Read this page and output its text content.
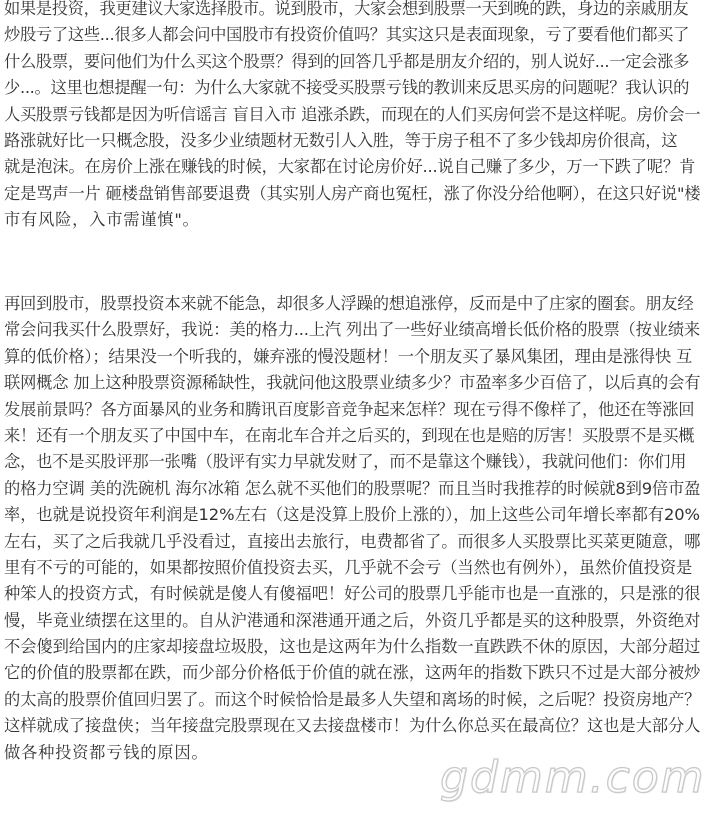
如果是投资，我更建议大家选择股市。说到股市，大家会想到股票一天到晚的跌，身边的亲戚朋友
炒股亏了这些...很多人都会问中国股市有投资价值吗？其实这只是表面现象，亏了要看他们都买了
什么股票，要问他们为什么买这个股票？得到的回答几乎都是朋友介绍的，别人说好...一定会涨多
少...。这里也想提醒一句：为什么大家就不接受买股票亏钱的教训来反思买房的问题呢？我认识的
人买股票亏钱都是因为听信谣言 盲目入市 追涨杀跌，而现在的人们买房何尝不是这样呢。房价会一
路涨就好比一只概念股，没多少业绩题材无数引人入胜，等于房子租不了多少钱却房价很高，这
就是泡沫。在房价上涨在赚钱的时候，大家都在讨论房价好...说自己赚了多少，万一下跌了呢？肯
定是骂声一片 砸楼盘销售部要退费（其实别人房产商也冤枉，涨了你没分给他啊），在这只好说"楼
市有风险，入市需谨慎"。
再回到股市，股票投资本来就不能急，却很多人浮躁的想追涨停，反而是中了庄家的圈套。朋友经
常会问我买什么股票好，我说：美的格力...上汽 列出了一些好业绩高增长低价格的股票（按业绩来
算的低价格）；结果没一个听我的，嫌弃涨的慢没题材！一个朋友买了暴风集团，理由是涨得快 互
联网概念 加上这种股票资源稀缺性，我就问他这股票业绩多少？市盈率多少百倍了，以后真的会有
发展前景吗？各方面暴风的业务和腾讯百度影音竞争起来怎样？现在亏得不像样了，他还在等涨回
来！还有一个朋友买了中国中车，在南北车合并之后买的，到现在也是赔的厉害！买股票不是买概
念，也不是买股评那一张嘴（股评有实力早就发财了，而不是靠这个赚钱），我就问他们：你们用
的格力空调 美的洗碗机 海尔冰箱 怎么就不买他们的股票呢？而且当时我推荐的时候就8到9倍市盈
率，也就是说投资年利润是12%左右（这是没算上股价上涨的），加上这些公司年增长率都有20%
左右，买了之后我就几乎没看过，直接出去旅行，电费都省了。而很多人买股票比买菜更随意，哪
里有不亏的可能的，如果都按照价值投资去买，几乎就不会亏（当然也有例外），虽然价值投资是
种笨人的投资方式，有时候就是傻人有傻福吧！好公司的股票几乎能市也是一直涨的，只是涨的很
慢，毕竟业绩摆在这里的。自从沪港通和深港通开通之后，外资几乎都是买的这种股票，外资绝对
不会傻到给国内的庄家却接盘垃圾股，这也是这两年为什么指数一直跌跌不休的原因，大部分超过
它的价值的股票都在跌，而少部分价格低于价值的就在涨，这两年的指数下跌只不过是大部分被炒
的太高的股票价值回归罢了。而这个时候恰恰是最多人失望和离场的时候，之后呢？投资房地产？
这样就成了接盘侠；当年接盘完股票现在又去接盘楼市！为什么你总买在最高位？这也是大部分人
做各种投资都亏钱的原因。	gdmm.com
